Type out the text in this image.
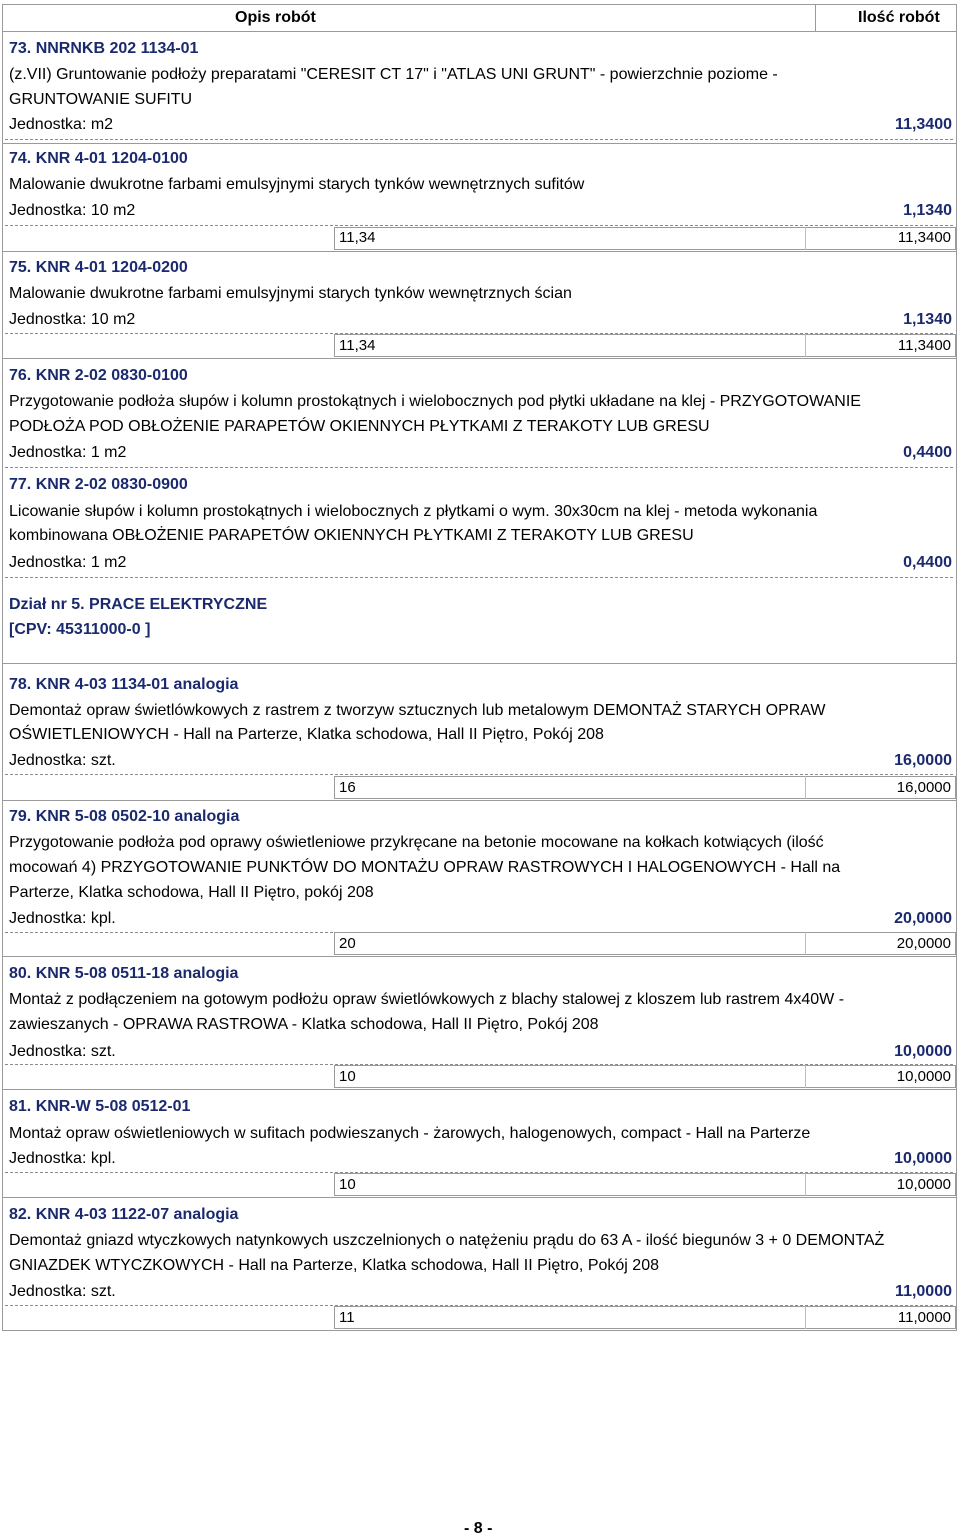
Opis robót	Ilość robót
73. NNRNKB 202 1134-01
(z.VII) Gruntowanie podłoży preparatami "CERESIT CT 17" i "ATLAS UNI GRUNT" - powierzchnie poziome -
GRUNTOWANIE SUFITU
Jednostka: m2	11,3400
74. KNR 4-01 1204-0100
Malowanie dwukrotne farbami emulsyjnymi starych tynków wewnętrznych sufitów
Jednostka: 10 m2	1,1340
11,34	11,3400
75. KNR 4-01 1204-0200
Malowanie dwukrotne farbami emulsyjnymi starych tynków wewnętrznych ścian
Jednostka: 10 m2	1,1340
11,34	11,3400
76. KNR 2-02 0830-0100
Przygotowanie podłoża słupów i kolumn prostokątnych i wielobocznych pod płytki układane na klej - PRZYGOTOWANIE
PODŁOŻA POD OBŁOŻENIE PARAPETÓW OKIENNYCH PŁYTKAMI Z TERAKOTY LUB GRESU
Jednostka: 1 m2	0,4400
77. KNR 2-02 0830-0900
Licowanie słupów i kolumn prostokątnych i wielobocznych z płytkami o wym. 30x30cm na klej - metoda wykonania
kombinowana OBŁOŻENIE PARAPETÓW OKIENNYCH PŁYTKAMI Z TERAKOTY LUB GRESU
Jednostka: 1 m2	0,4400
Dział nr 5. PRACE ELEKTRYCZNE
[CPV: 45311000-0 ]
78. KNR 4-03 1134-01 analogia
Demontaż opraw świetlówkowych z rastrem z tworzyw sztucznych lub metalowym DEMONTAŻ STARYCH OPRAW
OŚWIETLENIOWYCH - Hall na Parterze, Klatka schodowa, Hall II Piętro, Pokój 208
Jednostka: szt.	16,0000
16	16,0000
79. KNR 5-08 0502-10 analogia
Przygotowanie podłoża pod oprawy oświetleniowe przykręcane na betonie mocowane na kołkach kotwiących (ilość
mocowań 4) PRZYGOTOWANIE PUNKTÓW DO MONTAŻU OPRAW RASTROWYCH I HALOGENOWYCH - Hall na
Parterze, Klatka schodowa, Hall II Piętro, pokój 208
Jednostka: kpl.	20,0000
20	20,0000
80. KNR 5-08 0511-18 analogia
Montaż z podłączeniem na gotowym podłożu opraw świetlówkowych z blachy stalowej z kloszem lub rastrem 4x40W -
zawieszanych - OPRAWA RASTROWA - Klatka schodowa, Hall II Piętro, Pokój 208
Jednostka: szt.	10,0000
10	10,0000
81. KNR-W 5-08 0512-01
Montaż opraw oświetleniowych w sufitach podwieszanych - żarowych, halogenowych, compact - Hall na Parterze
Jednostka: kpl.	10,0000
10	10,0000
82. KNR 4-03 1122-07 analogia
Demontaż gniazd wtyczkowych natynkowych uszczelnionych o natężeniu prądu do 63 A - ilość biegunów 3 + 0 DEMONTAŻ
GNIAZDEK WTYCZKOWYCH - Hall na Parterze, Klatka schodowa, Hall II Piętro, Pokój 208
Jednostka: szt.	11,0000
11	11,0000
- 8 -
